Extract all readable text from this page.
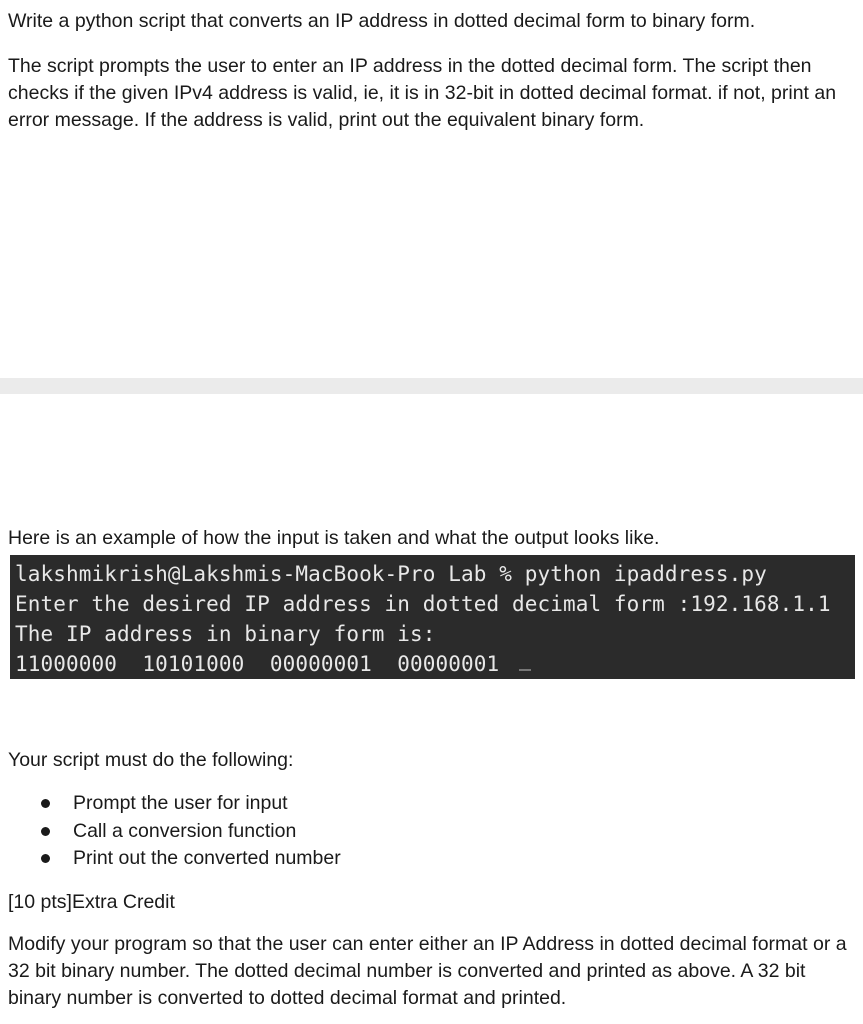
Write a python script that converts an IP address in dotted decimal form to binary form.

The script prompts the user to enter an IP address in the dotted decimal form. The script then checks if the given IPv4 address is valid, ie, it is in 32-bit in dotted decimal format. if not, print an error message. If the address is valid, print out the equivalent binary form.

Here is an example of how the input is taken and what the output looks like.

lakshmikrish@Lakshmis-MacBook-Pro Lab % python ipaddress.py
Enter the desired IP address in dotted decimal form :192.168.1.1
The IP address in binary form is:
11000000  10101000  00000001  00000001

Your script must do the following:

Prompt the user for input
Call a conversion function
Print out the converted number

[10 pts]Extra Credit

Modify your program so that the user can enter either an IP Address in dotted decimal format or a 32 bit binary number. The dotted decimal number is converted and printed as above. A 32 bit binary number is converted to dotted decimal format and printed.
